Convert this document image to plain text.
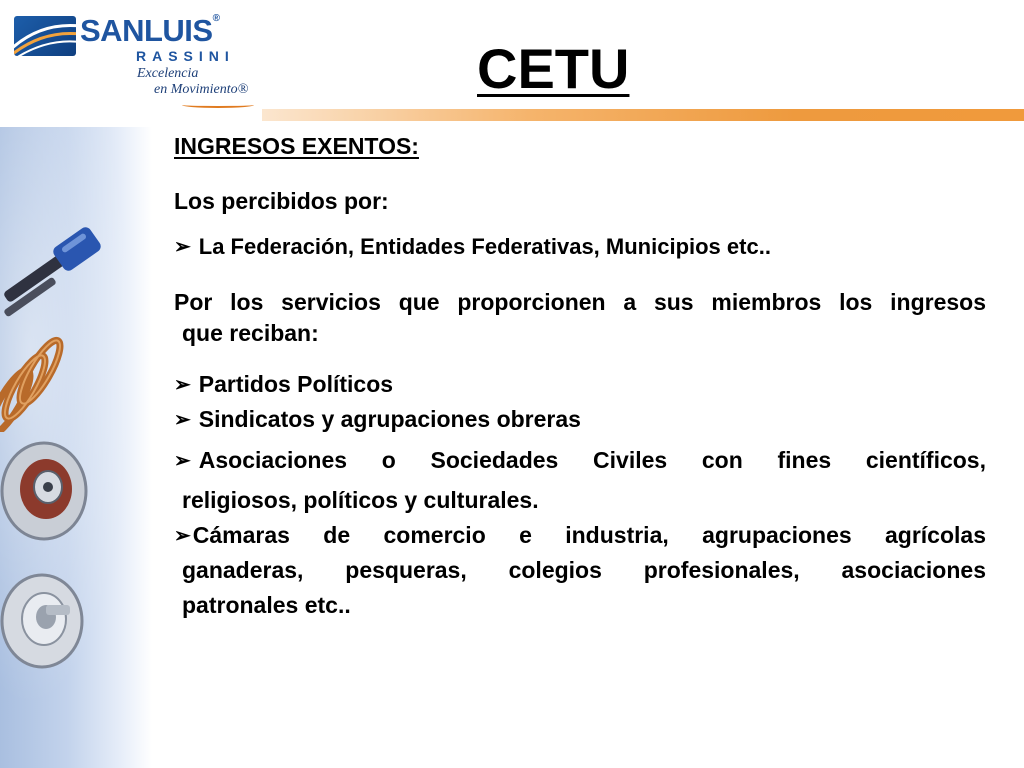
SANLUIS®
RASSINI
Excelencia
en Movimiento®	CETU
INGRESOS EXENTOS:
Los percibidos por:
➢ La Federación, Entidades Federativas, Municipios etc..
Por los servicios que proporcionen a sus miembros los ingresos
que reciban:
➢ Partidos Políticos
➢ Sindicatos y agrupaciones obreras
➢ Asociaciones o Sociedades Civiles con fines científicos,
religiosos, políticos y culturales.
➢ Cámaras de comercio e industria, agrupaciones agrícolas
ganaderas, pesqueras, colegios profesionales, asociaciones
patronales etc..
